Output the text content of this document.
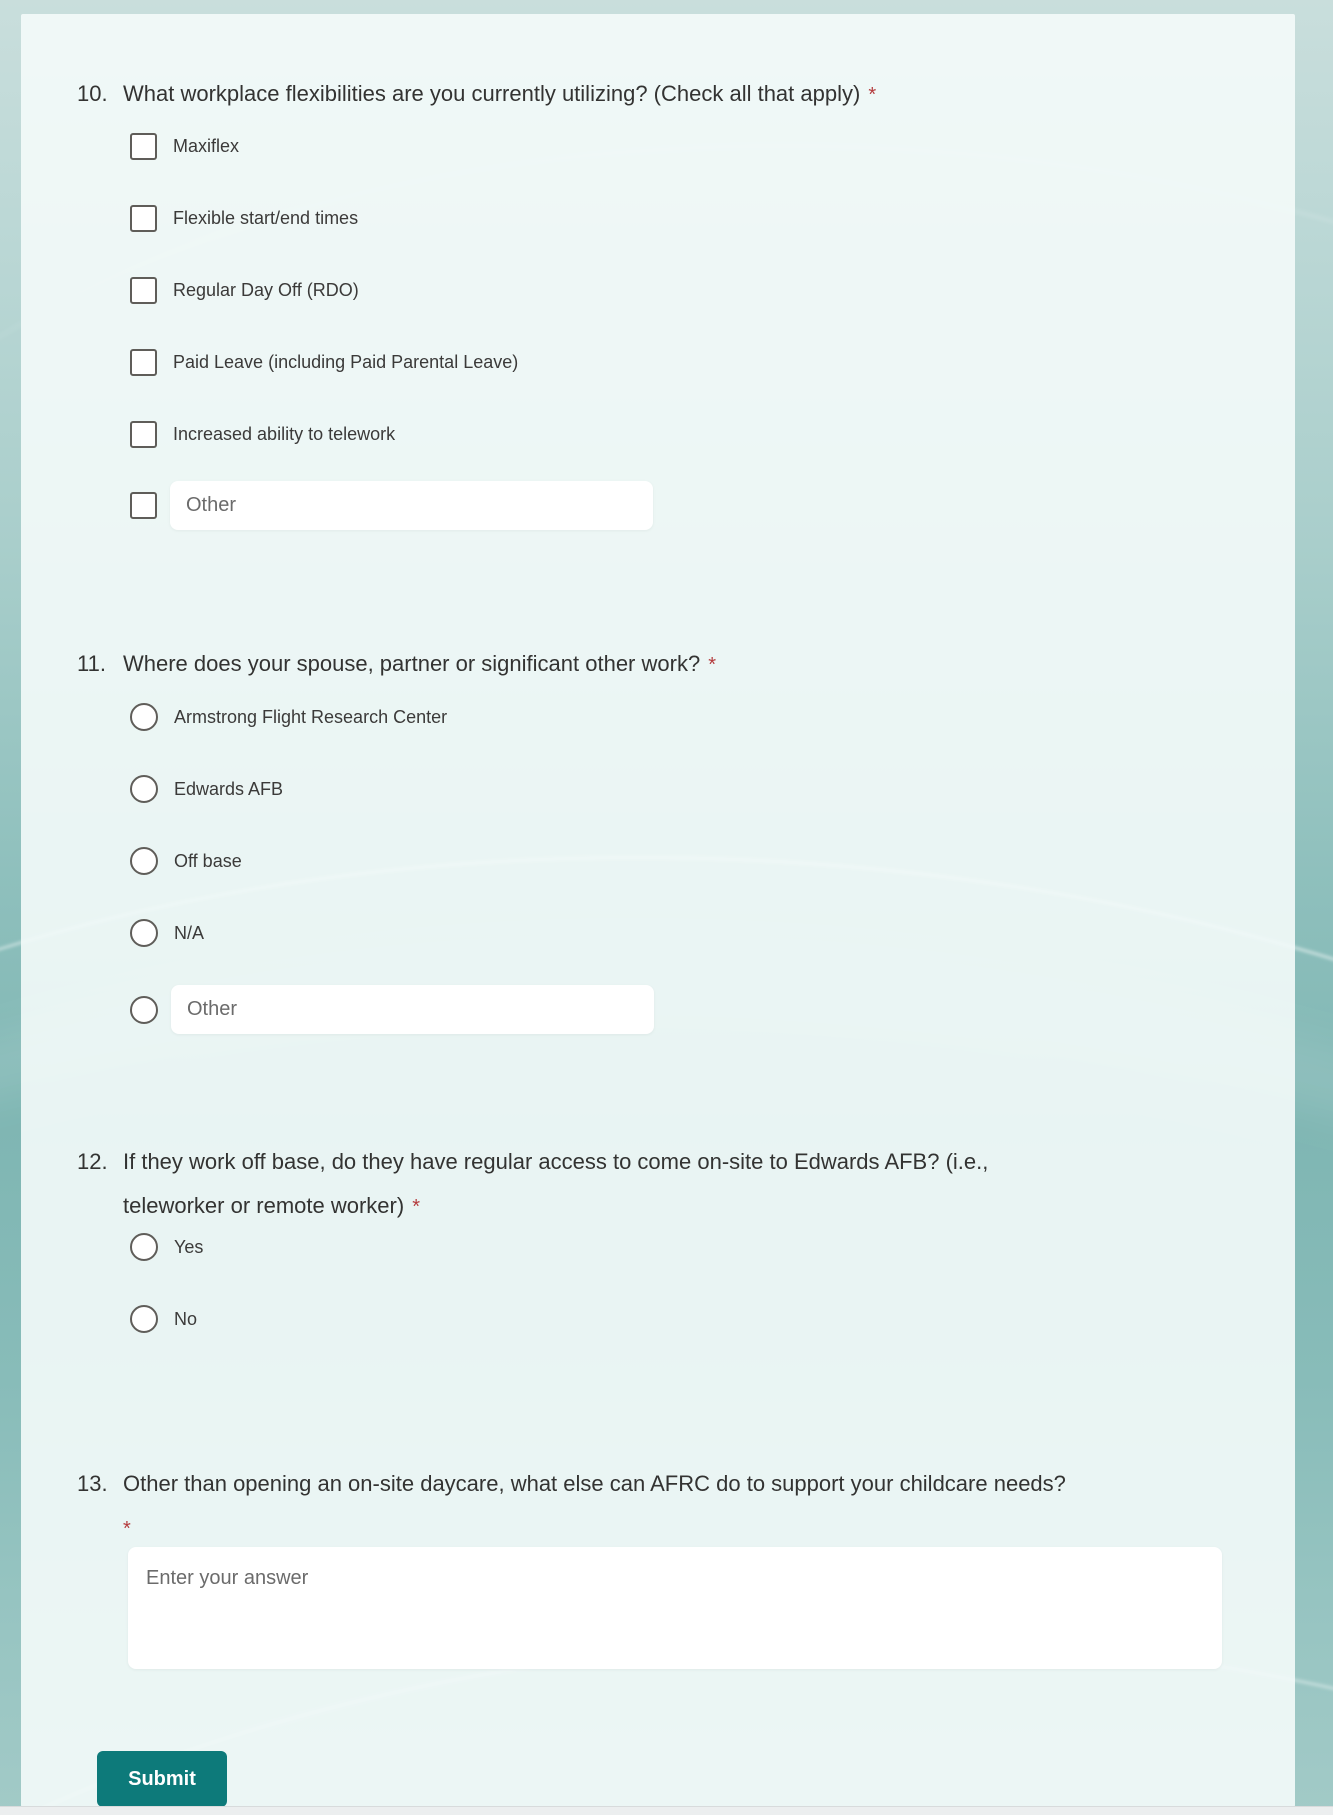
10. What workplace flexibilities are you currently utilizing? (Check all that apply) *
Maxiflex
Flexible start/end times
Regular Day Off (RDO)
Paid Leave (including Paid Parental Leave)
Increased ability to telework
Other
11. Where does your spouse, partner or significant other work? *
Armstrong Flight Research Center
Edwards AFB
Off base
N/A
Other
12. If they work off base, do they have regular access to come on-site to Edwards AFB? (i.e.,
teleworker or remote worker) *
Yes
No
13. Other than opening an on-site daycare, what else can AFRC do to support your childcare needs?
*
Enter your answer
Submit
